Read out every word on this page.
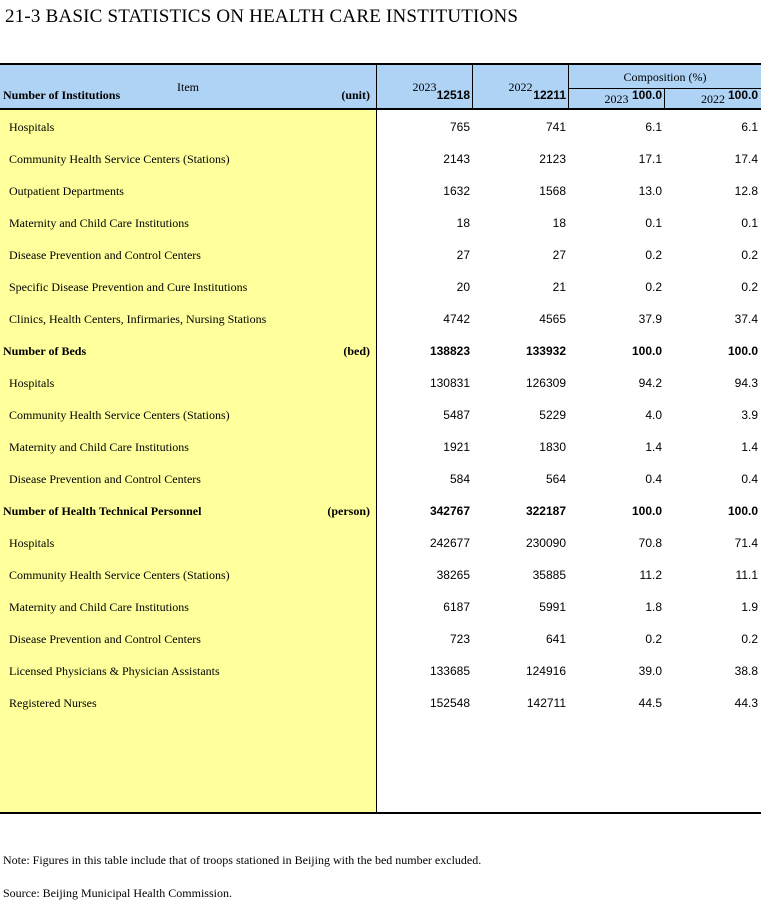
21-3 BASIC STATISTICS ON HEALTH CARE INSTITUTIONS
Item	2023	2022
Composition (%)
2023	2022
Number of Institutions	(unit)	12518	12211	100.0	100.0
Hospitals	765	741	6.1	6.1
Community Health Service Centers (Stations)	2143	2123	17.1	17.4
Outpatient Departments	1632	1568	13.0	12.8
Maternity and Child Care Institutions	18	18	0.1	0.1
Disease Prevention and Control Centers	27	27	0.2	0.2
Specific Disease Prevention and Cure Institutions	20	21	0.2	0.2
Clinics, Health Centers, Infirmaries, Nursing Stations	4742	4565	37.9	37.4
Number of Beds	(bed)	138823	133932	100.0	100.0
Hospitals	130831	126309	94.2	94.3
Community Health Service Centers (Stations)	5487	5229	4.0	3.9
Maternity and Child Care Institutions	1921	1830	1.4	1.4
Disease Prevention and Control Centers	584	564	0.4	0.4
Number of Health Technical Personnel	(person)	342767	322187	100.0	100.0
Hospitals	242677	230090	70.8	71.4
Community Health Service Centers (Stations)	38265	35885	11.2	11.1
Maternity and Child Care Institutions	6187	5991	1.8	1.9
Disease Prevention and Control Centers	723	641	0.2	0.2
Licensed Physicians & Physician Assistants	133685	124916	39.0	38.8
Registered Nurses	152548	142711	44.5	44.3
Note: Figures in this table include that of troops stationed in Beijing with the bed number excluded.
Source: Beijing Municipal Health Commission.
